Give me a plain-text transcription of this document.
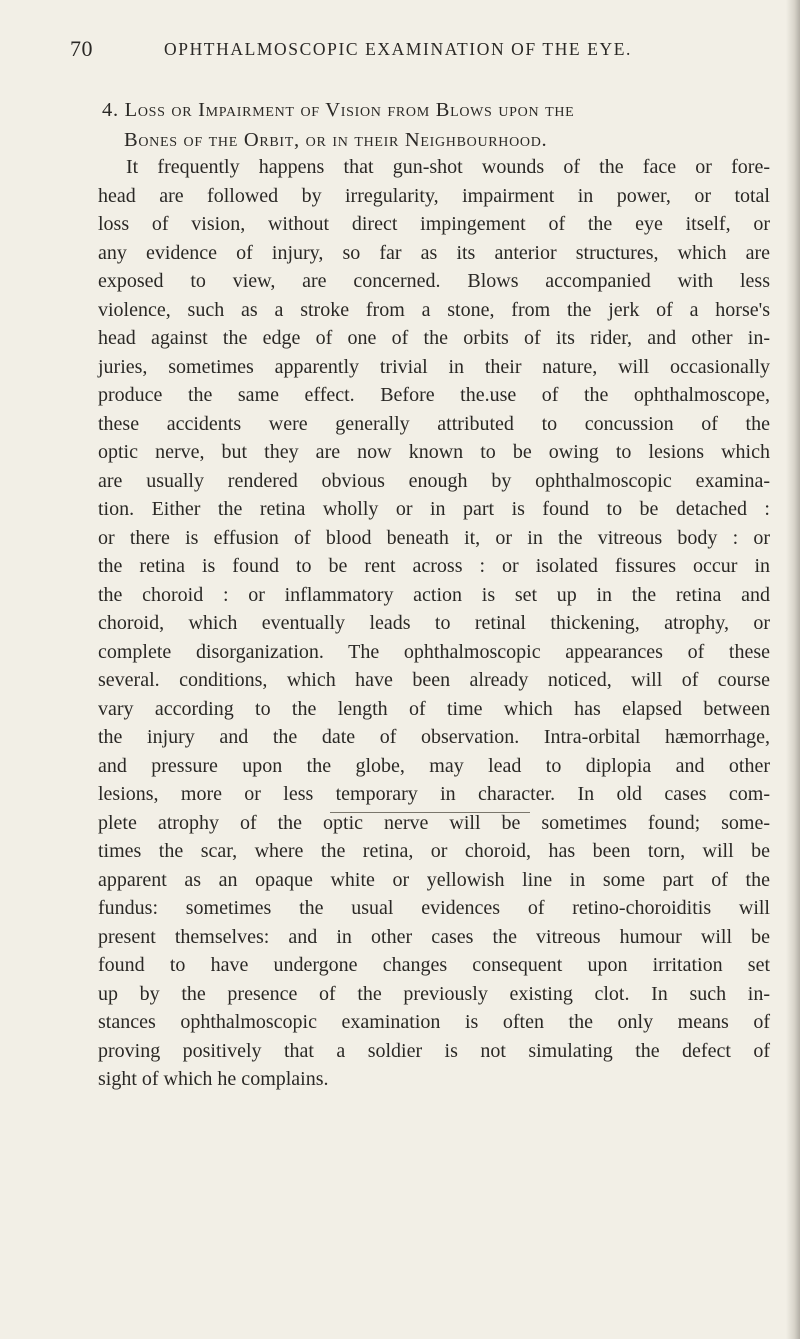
70	OPHTHALMOSCOPIC EXAMINATION OF THE EYE.
4. Loss or Impairment of Vision from Blows upon the
Bones of the Orbit, or in their Neighbourhood.
It frequently happens that gun-shot wounds of the face or fore-
head are followed by irregularity, impairment in power, or total
loss of vision, without direct impingement of the eye itself, or
any evidence of injury, so far as its anterior structures, which are
exposed to view, are concerned. Blows accompanied with less
violence, such as a stroke from a stone, from the jerk of a horse's
head against the edge of one of the orbits of its rider, and other in-
juries, sometimes apparently trivial in their nature, will occasionally
produce the same effect. Before the.use of the ophthalmoscope,
these accidents were generally attributed to concussion of the
optic nerve, but they are now known to be owing to lesions which
are usually rendered obvious enough by ophthalmoscopic examina-
tion. Either the retina wholly or in part is found to be detached :
or there is effusion of blood beneath it, or in the vitreous body : or
the retina is found to be rent across : or isolated fissures occur in
the choroid : or inflammatory action is set up in the retina and
choroid, which eventually leads to retinal thickening, atrophy, or
complete disorganization. The ophthalmoscopic appearances of these
several. conditions, which have been already noticed, will of course
vary according to the length of time which has elapsed between
the injury and the date of observation. Intra-orbital hæmorrhage,
and pressure upon the globe, may lead to diplopia and other
lesions, more or less temporary in character. In old cases com-
plete atrophy of the optic nerve will be sometimes found; some-
times the scar, where the retina, or choroid, has been torn, will be
apparent as an opaque white or yellowish line in some part of the
fundus: sometimes the usual evidences of retino-choroiditis will
present themselves: and in other cases the vitreous humour will be
found to have undergone changes consequent upon irritation set
up by the presence of the previously existing clot. In such in-
stances ophthalmoscopic examination is often the only means of
proving positively that a soldier is not simulating the defect of
sight of which he complains.
